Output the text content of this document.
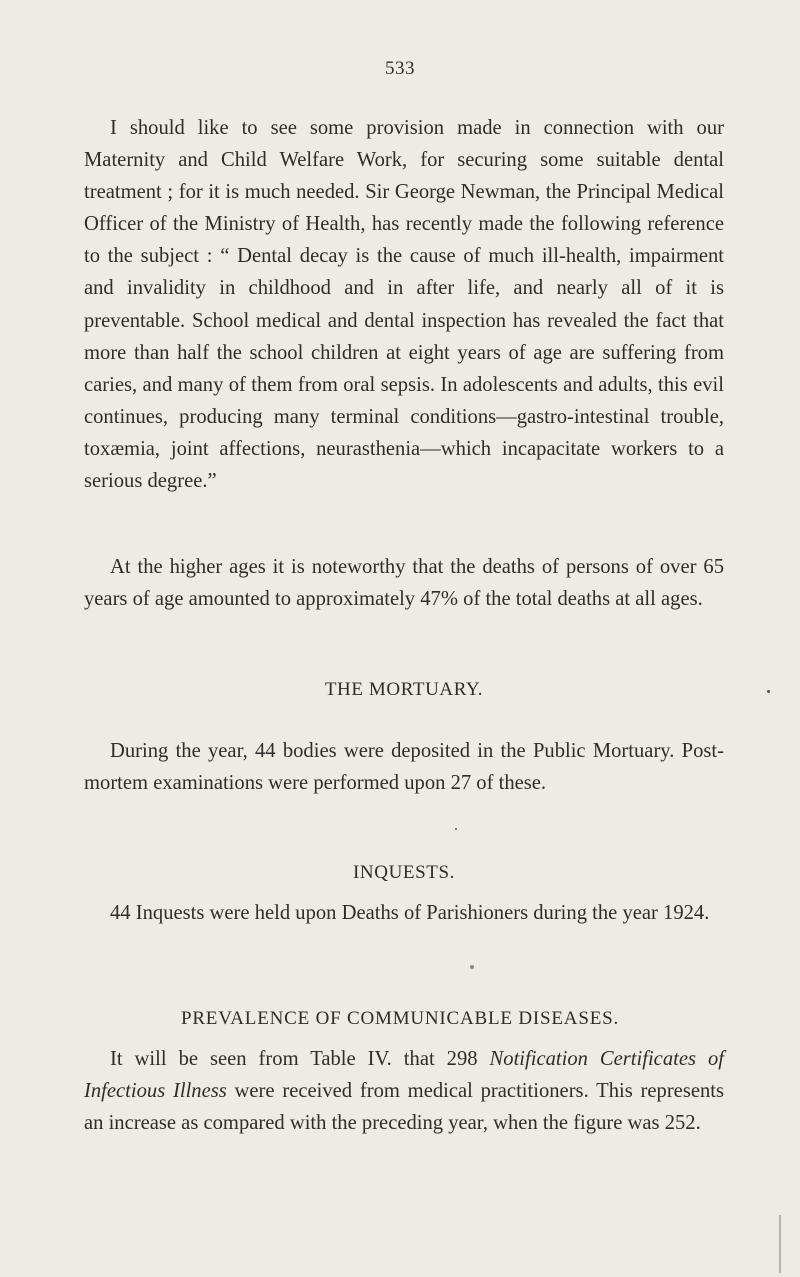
533

I should like to see some provision made in connection with our Maternity and Child Welfare Work, for securing some suitable dental treatment ; for it is much needed. Sir George Newman, the Principal Medical Officer of the Ministry of Health, has recently made the following reference to the subject : “ Dental decay is the cause of much ill-health, impairment and invalidity in childhood and in after life, and nearly all of it is preventable. School medical and dental inspection has revealed the fact that more than half the school children at eight years of age are suffering from caries, and many of them from oral sepsis. In adolescents and adults, this evil continues, producing many terminal conditions—gastro-intestinal trouble, toxæmia, joint affections, neurasthenia—which incapacitate workers to a serious degree.”

At the higher ages it is noteworthy that the deaths of persons of over 65 years of age amounted to approximately 47% of the total deaths at all ages.

THE MORTUARY.

During the year, 44 bodies were deposited in the Public Mortuary. Post-mortem examinations were performed upon 27 of these.

INQUESTS.

44 Inquests were held upon Deaths of Parishioners during the year 1924.

PREVALENCE OF COMMUNICABLE DISEASES.

It will be seen from Table IV. that 298 Notification Certificates of Infectious Illness were received from medical practitioners. This represents an increase as compared with the preceding year, when the figure was 252.
